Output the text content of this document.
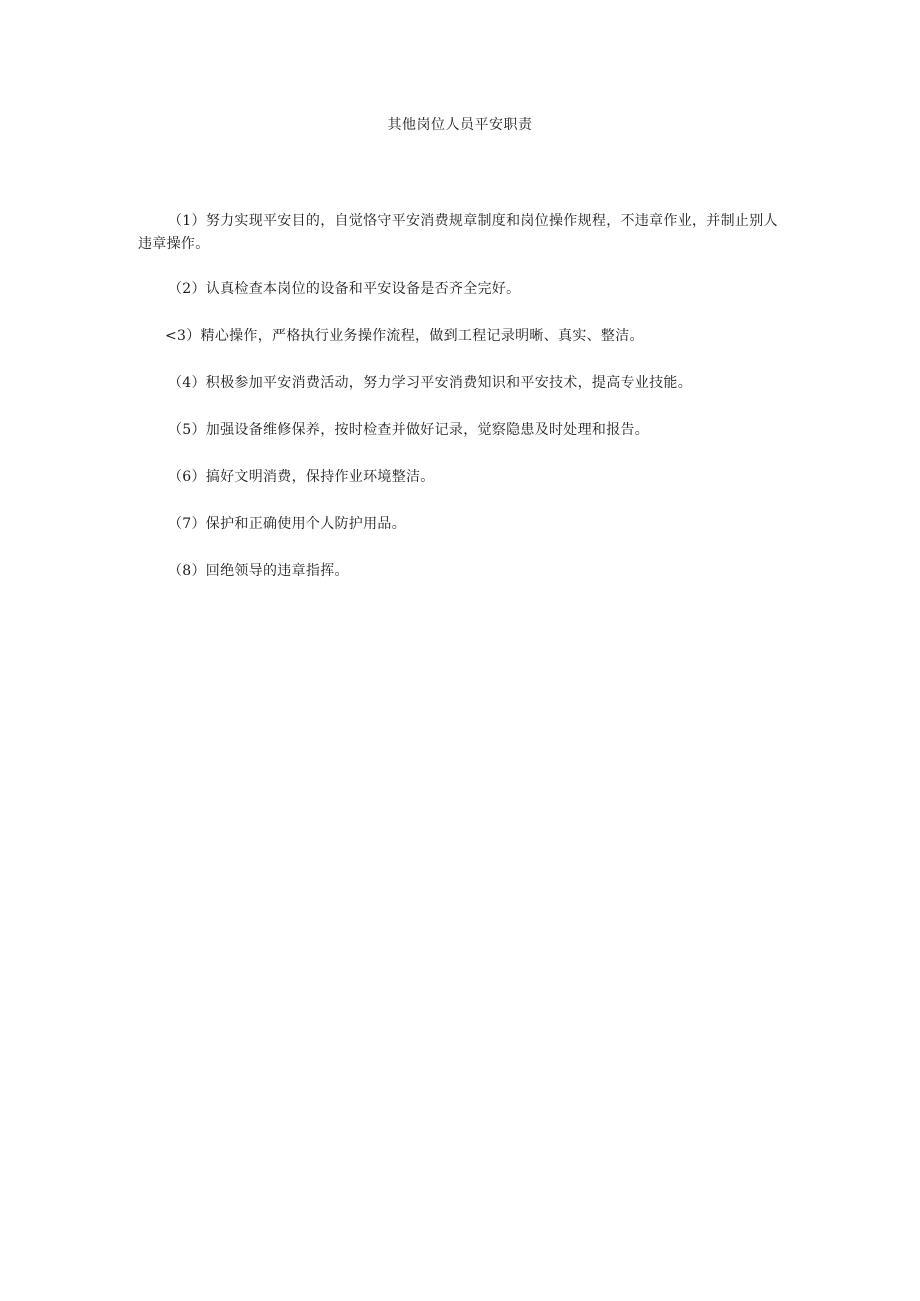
其他岗位人员平安职责

（1）努力实现平安目的，自觉恪守平安消费规章制度和岗位操作规程，不违章作业，并制止别人违章操作。

（2）认真检查本岗位的设备和平安设备是否齐全完好。

<3）精心操作，严格执行业务操作流程，做到工程记录明晰、真实、整洁。

（4）积极参加平安消费活动，努力学习平安消费知识和平安技术，提高专业技能。

（5）加强设备维修保养，按时检查并做好记录，觉察隐患及时处理和报告。

（6）搞好文明消费，保持作业环境整洁。

（7）保护和正确使用个人防护用品。

（8）回绝领导的违章指挥。
